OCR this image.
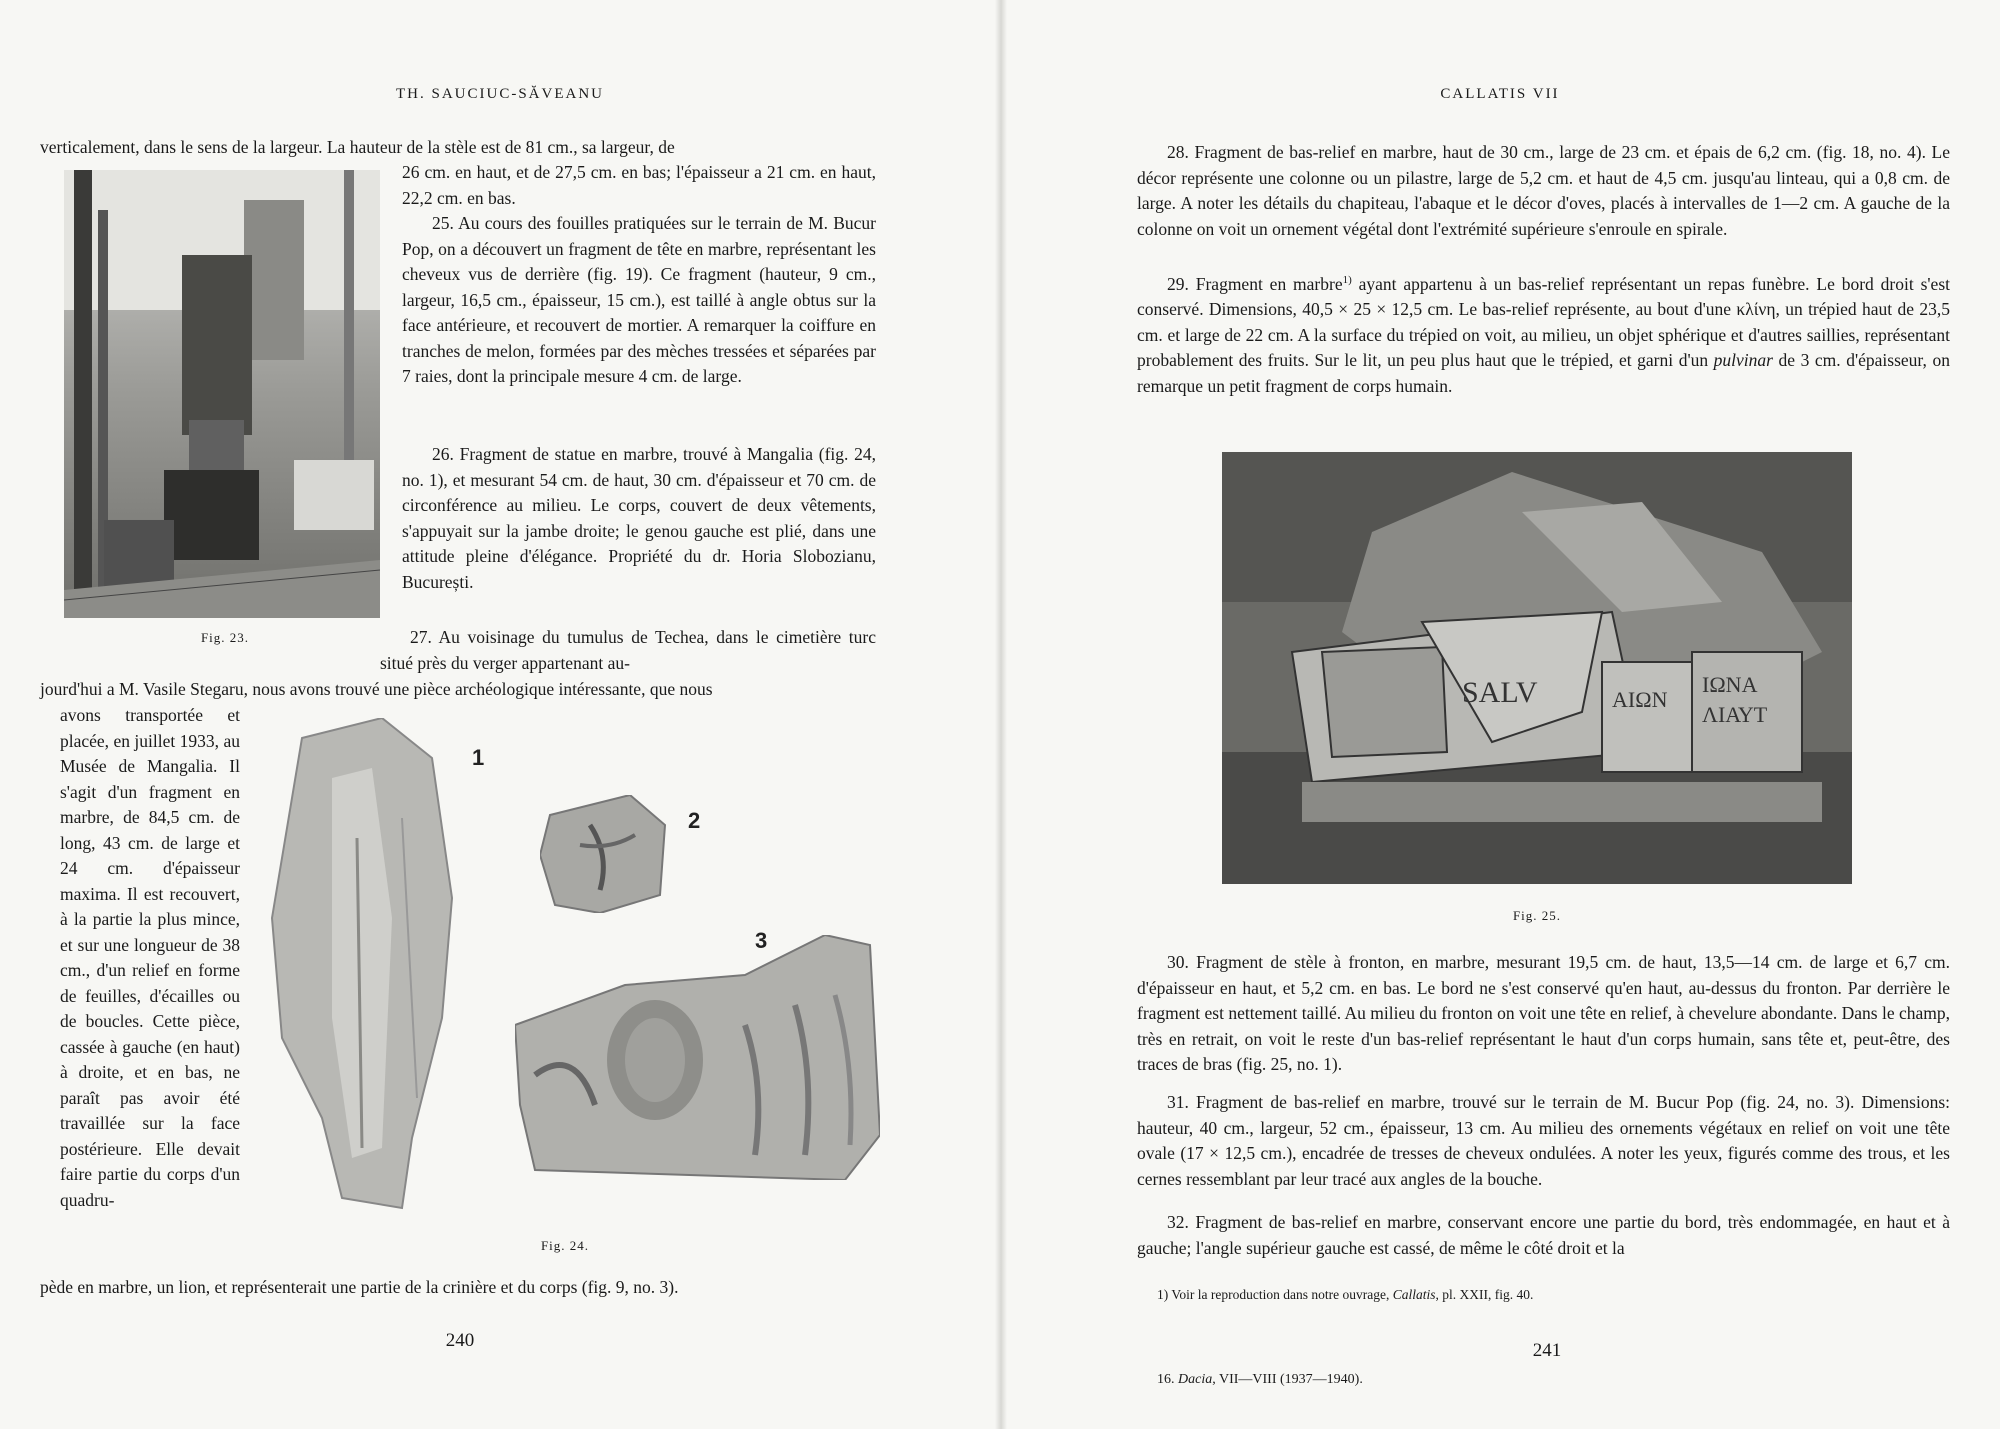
TH. SAUCIUC-SĂVEANU
verticalement, dans le sens de la largeur. La hauteur de la stèle est de 81 cm., sa largeur, de
Fig. 23.
26 cm. en haut, et de 27,5 cm. en bas; l'épaisseur a 21 cm. en haut, 22,2 cm. en bas.
25. Au cours des fouilles pratiquées sur le terrain de M. Bucur Pop, on a découvert un fragment de tête en marbre, représentant les cheveux vus de derrière (fig. 19). Ce fragment (hauteur, 9 cm., largeur, 16,5 cm., épaisseur, 15 cm.), est taillé à angle obtus sur la face antérieure, et recouvert de mortier. A remarquer la coiffure en tranches de melon, formées par des mèches tressées et séparées par 7 raies, dont la principale mesure 4 cm. de large.
26. Fragment de statue en marbre, trouvé à Mangalia (fig. 24, no. 1), et mesurant 54 cm. de haut, 30 cm. d'épaisseur et 70 cm. de circonférence au milieu. Le corps, couvert de deux vêtements, s'appuyait sur la jambe droite; le genou gauche est plié, dans une attitude pleine d'élégance. Propriété du dr. Horia Slobozianu, București.
27. Au voisinage du tumulus de Techea, dans le cimetière turc situé près du verger appartenant au-
jourd'hui a M. Vasile Stegaru, nous avons trouvé une pièce archéologique intéressante, que nous
avons transportée et placée, en juillet 1933, au Musée de Mangalia. Il s'agit d'un fragment en marbre, de 84,5 cm. de long, 43 cm. de large et 24 cm. d'épaisseur maxima. Il est recouvert, à la partie la plus mince, et sur une longueur de 38 cm., d'un relief en forme de feuilles, d'écailles ou de boucles. Cette pièce, cassée à gauche (en haut) à droite, et en bas, ne paraît pas avoir été travaillée sur la face postérieure. Elle devait faire partie du corps d'un quadru-
1
2
3
Fig. 24.
pède en marbre, un lion, et représenterait une partie de la crinière et du corps (fig. 9, no. 3).
240
CALLATIS VII
28. Fragment de bas-relief en marbre, haut de 30 cm., large de 23 cm. et épais de 6,2 cm. (fig. 18, no. 4). Le décor représente une colonne ou un pilastre, large de 5,2 cm. et haut de 4,5 cm. jusqu'au linteau, qui a 0,8 cm. de large. A noter les détails du chapiteau, l'abaque et le décor d'oves, placés à intervalles de 1—2 cm. A gauche de la colonne on voit un ornement végétal dont l'extrémité supérieure s'enroule en spirale.
29. Fragment en marbre$^{1)}$ ayant appartenu à un bas-relief représentant un repas funèbre. Le bord droit s'est conservé. Dimensions, 40,5 × 25 × 12,5 cm. Le bas-relief représente, au bout d'une κλίνη, un trépied haut de 23,5 cm. et large de 22 cm. A la surface du trépied on voit, au milieu, un objet sphérique et d'autres saillies, représentant probablement des fruits. Sur le lit, un peu plus haut que le trépied, et garni d'un pulvinar de 3 cm. d'épaisseur, on remarque un petit fragment de corps humain.
SALV	ΑΙΩΝ
ΙΩΝΑ
ΛΙΑΥΤ
Fig. 25.
30. Fragment de stèle à fronton, en marbre, mesurant 19,5 cm. de haut, 13,5—14 cm. de large et 6,7 cm. d'épaisseur en haut, et 5,2 cm. en bas. Le bord ne s'est conservé qu'en haut, au-dessus du fronton. Par derrière le fragment est nettement taillé. Au milieu du fronton on voit une tête en relief, à chevelure abondante. Dans le champ, très en retrait, on voit le reste d'un bas-relief représentant le haut d'un corps humain, sans tête et, peut-être, des traces de bras (fig. 25, no. 1).
31. Fragment de bas-relief en marbre, trouvé sur le terrain de M. Bucur Pop (fig. 24, no. 3). Dimensions: hauteur, 40 cm., largeur, 52 cm., épaisseur, 13 cm. Au milieu des ornements végétaux en relief on voit une tête ovale (17 × 12,5 cm.), encadrée de tresses de cheveux ondulées. A noter les yeux, figurés comme des trous, et les cernes ressemblant par leur tracé aux angles de la bouche.
32. Fragment de bas-relief en marbre, conservant encore une partie du bord, très endommagée, en haut et à gauche; l'angle supérieur gauche est cassé, de même le côté droit et la
1) Voir la reproduction dans notre ouvrage, Callatis, pl. XXII, fig. 40.
241
16. Dacia, VII—VIII (1937—1940).
